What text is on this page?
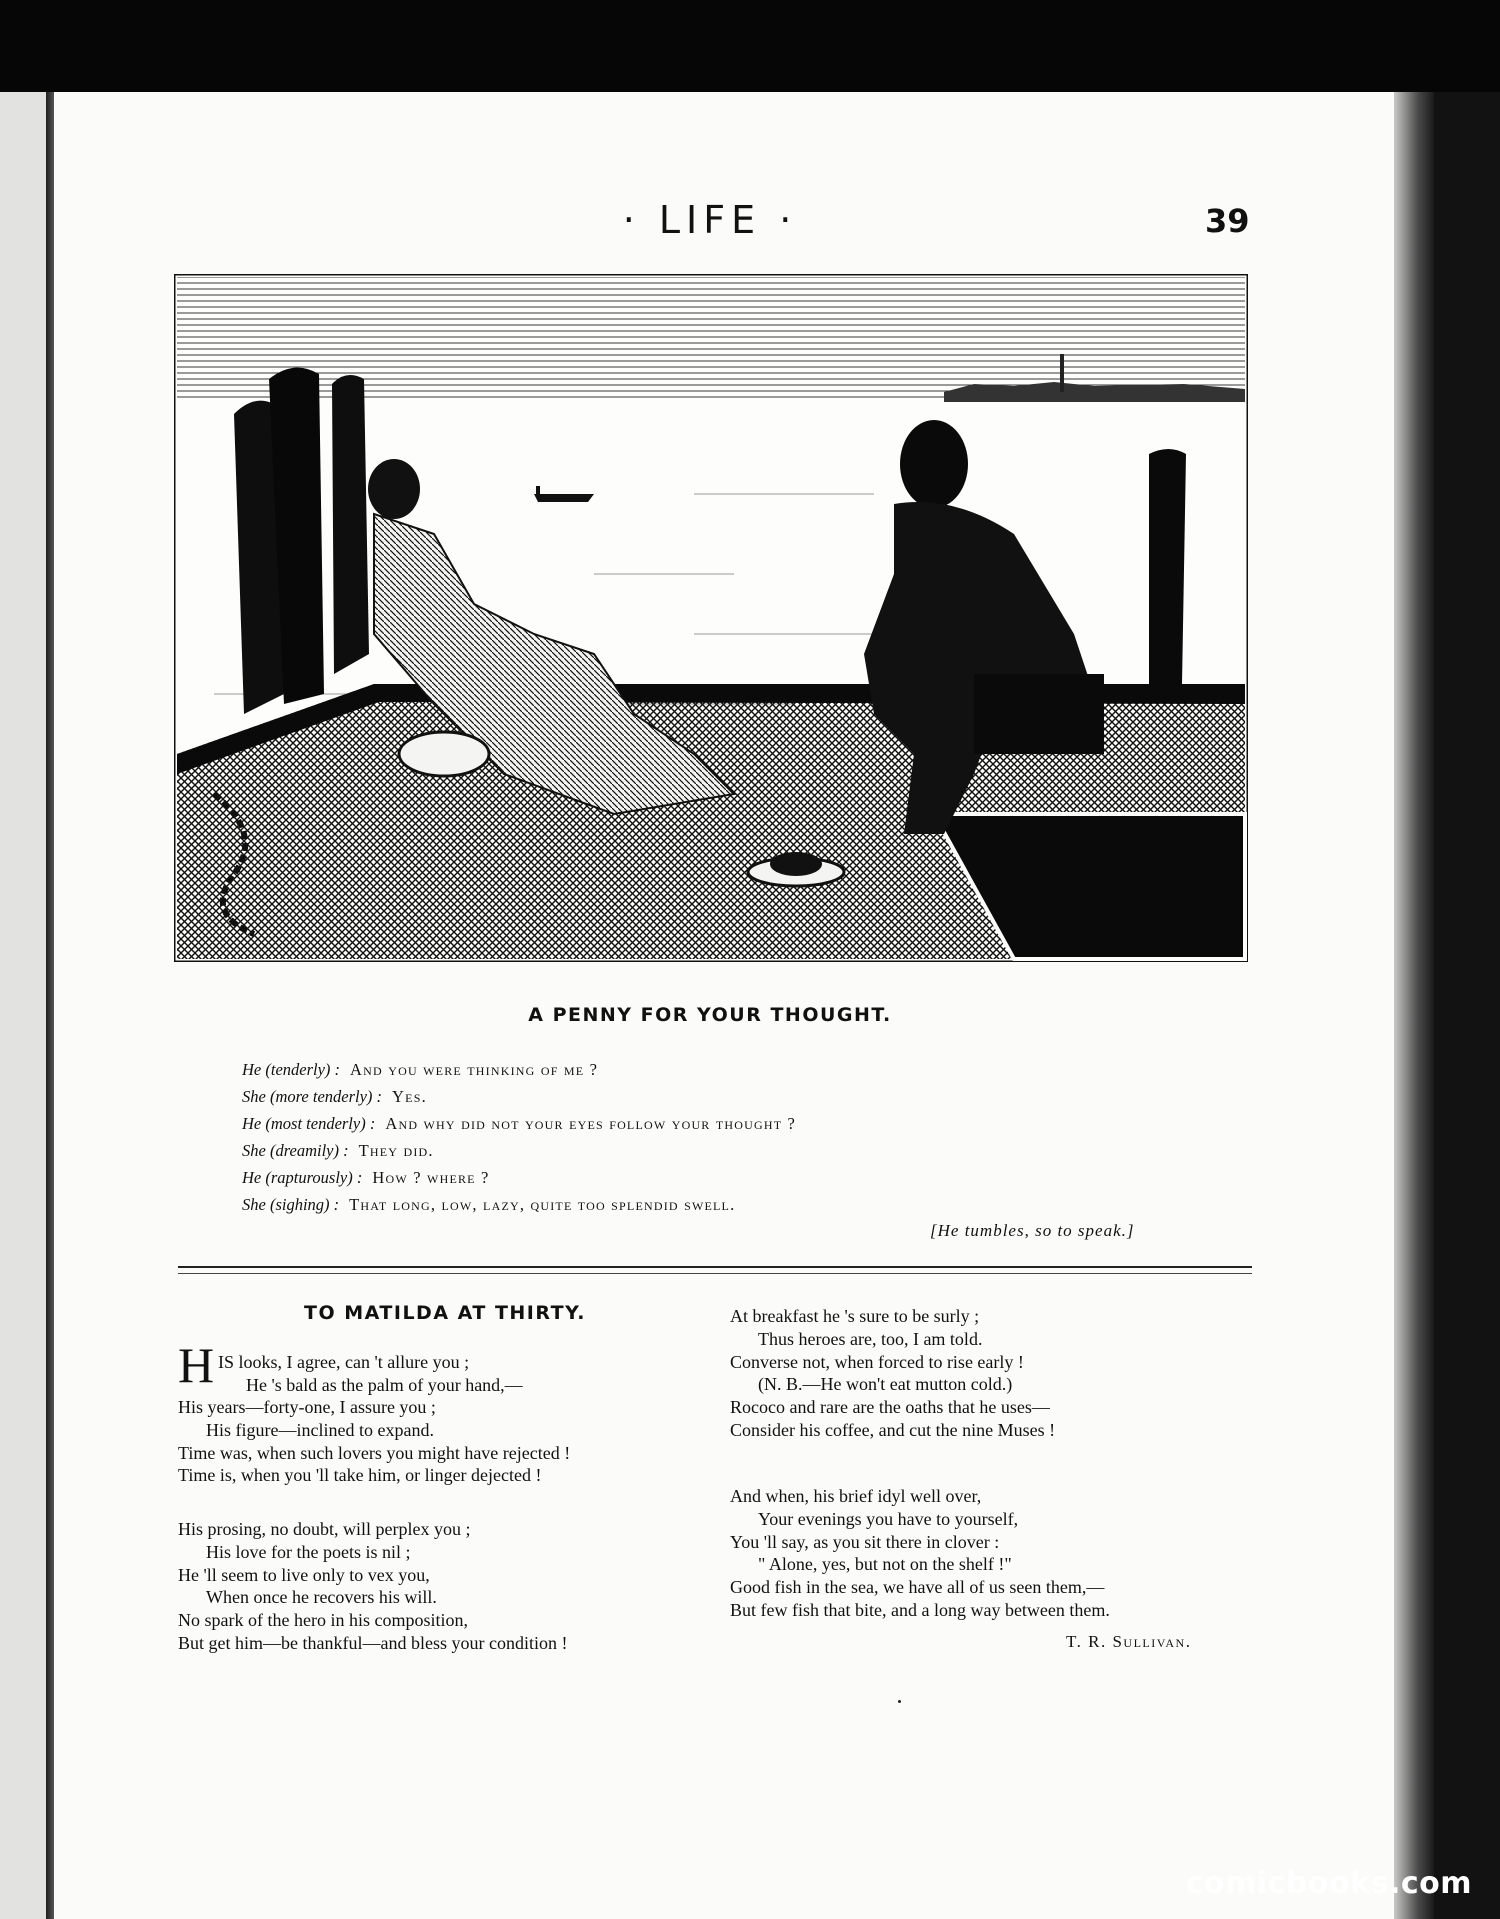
· LIFE ·	39
A PENNY FOR YOUR THOUGHT.
He (tenderly) : And you were thinking of me ?
She (more tenderly) : Yes.
He (most tenderly) : And why did not your eyes follow your thought ?
She (dreamily) : They did.
He (rapturously) : How ? where ?
She (sighing) : That long, low, lazy, quite too splendid swell.
[He tumbles, so to speak.]
TO MATILDA AT THIRTY.
H IS looks, I agree, can 't allure you ;
He 's bald as the palm of your hand,—
His years—forty-one, I assure you ;
His figure—inclined to expand.
Time was, when such lovers you might have rejected !
Time is, when you 'll take him, or linger dejected !
His prosing, no doubt, will perplex you ;
His love for the poets is nil ;
He 'll seem to live only to vex you,
When once he recovers his will.
No spark of the hero in his composition,
But get him—be thankful—and bless your condition !
At breakfast he 's sure to be surly ;
Thus heroes are, too, I am told.
Converse not, when forced to rise early !
(N. B.—He won't eat mutton cold.)
Rococo and rare are the oaths that he uses—
Consider his coffee, and cut the nine Muses !
And when, his brief idyl well over,
Your evenings you have to yourself,
You 'll say, as you sit there in clover :
" Alone, yes, but not on the shelf !"
Good fish in the sea, we have all of us seen them,—
But few fish that bite, and a long way between them.
T. R. Sullivan.
comicbooks.com
